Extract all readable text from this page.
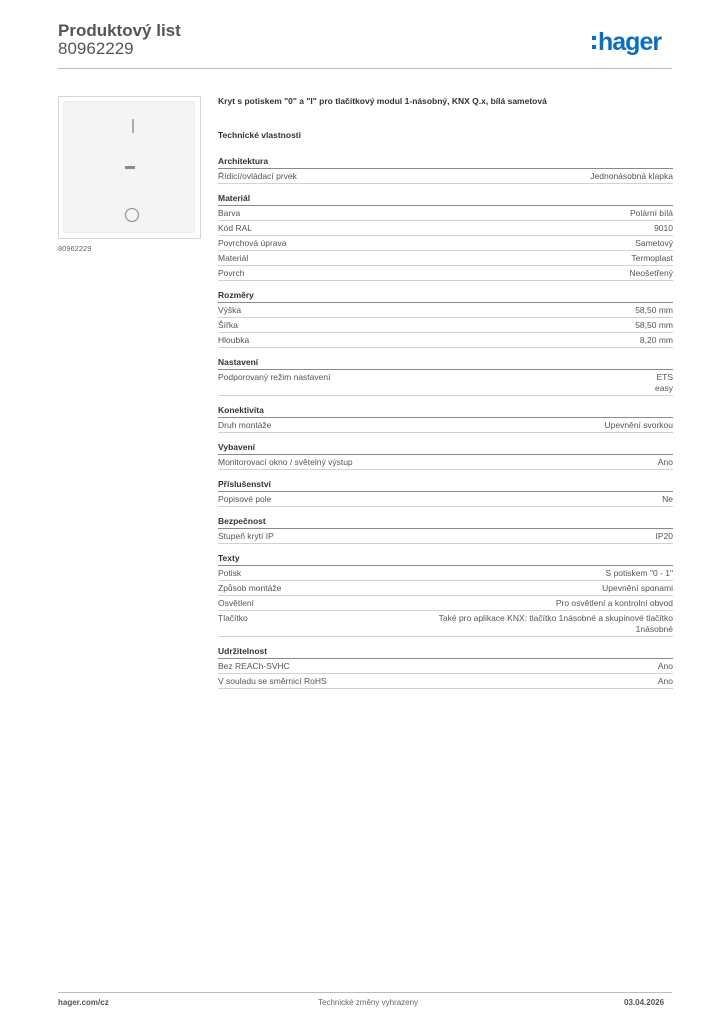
Produktový list
80962229	hager
80962229
Kryt s potiskem "0" a "I" pro tlačítkový modul 1-násobný, KNX Q.x, bílá sametová
Technické vlastnosti
Architektura
Řídicí/ovládací prvek	Jednonásobná klapka
Materiál
Barva	Polární bílá
Kód RAL	9010
Povrchová úprava	Sametový
Materiál	Termoplast
Povrch	Neošetřený
Rozměry
Výška	58,50 mm
Šířka	58,50 mm
Hloubka	8,20 mm
Nastavení
Podporovaný režim nastavení	ETS
easy
Konektivita
Druh montáže	Upevnění svorkou
Vybavení
Monitorovací okno / světelný výstup	Ano
Příslušenství
Popisové pole	Ne
Bezpečnost
Stupeň krytí IP	IP20
Texty
Potisk	S potiskem "0 - 1"
Způsob montáže	Upevnění sponami
Osvětlení	Pro osvětlení a kontrolní obvod
Tlačítko	Také pro aplikace KNX: tlačítko 1násobné a skupinové tlačítko
1násobné
Udržitelnost
Bez REACh-SVHC	Ano
V souladu se směrnicí RoHS	Ano
hager.com/cz	Technické změny vyhrazeny	03.04.2026
